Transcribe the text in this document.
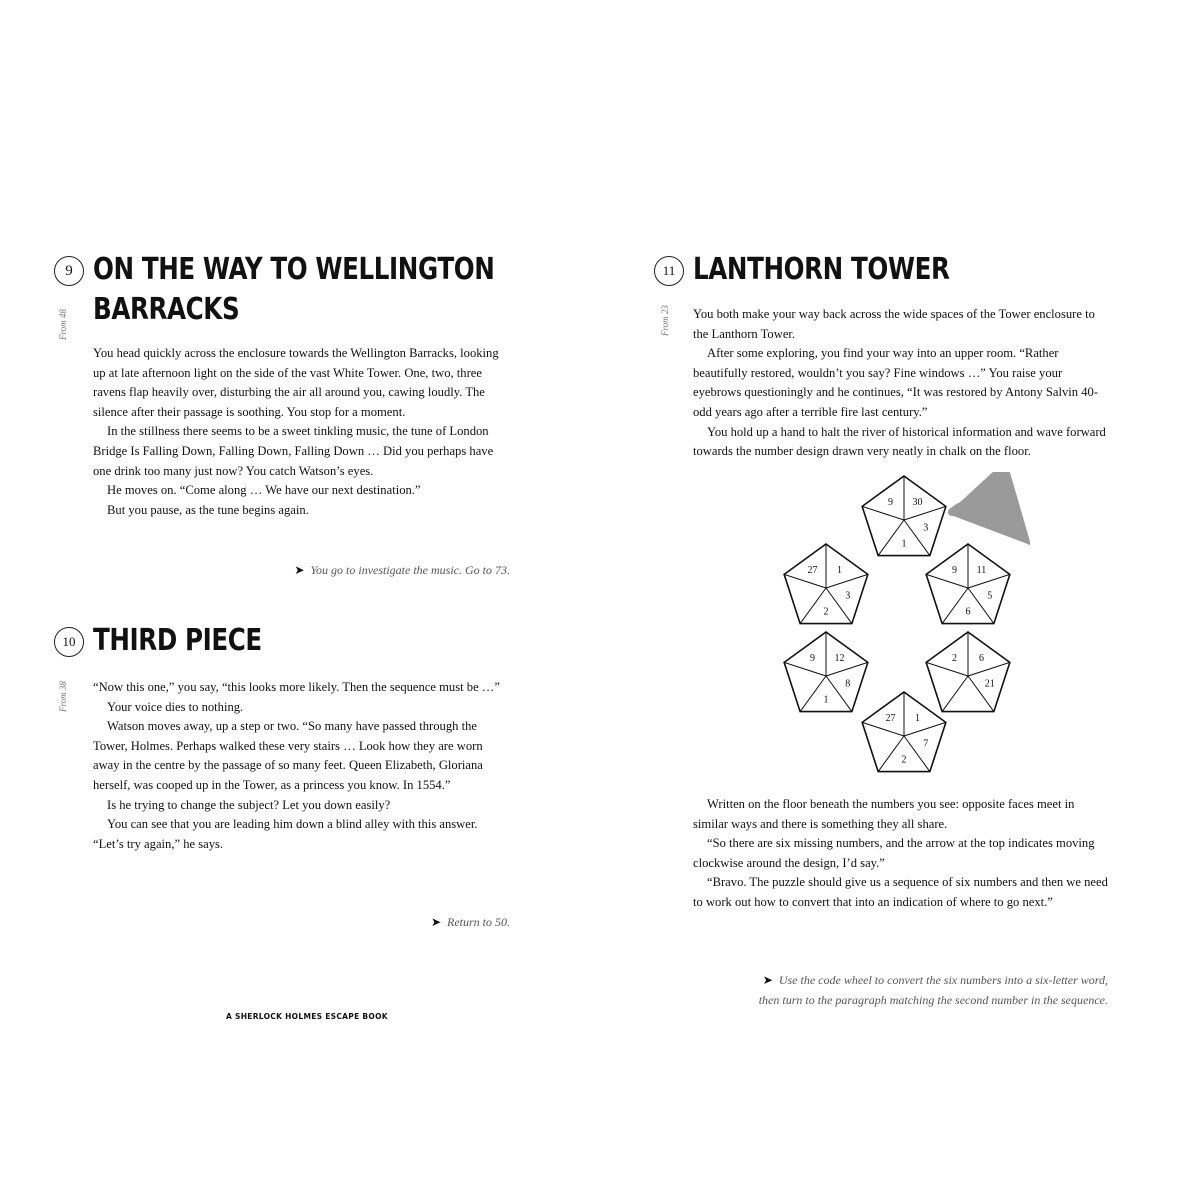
9 ON THE WAY TO WELLINGTON
BARRACKS
From 48

You head quickly across the enclosure towards the Wellington Barracks, looking up at late afternoon light on the side of the vast White Tower. One, two, three ravens flap heavily over, disturbing the air all around you, cawing loudly. The silence after their passage is soothing. You stop for a moment.

In the stillness there seems to be a sweet tinkling music, the tune of London Bridge Is Falling Down, Falling Down, Falling Down … Did you perhaps have one drink too many just now? You catch Watson’s eyes.

He moves on. “Come along … We have our next destination.”

But you pause, as the tune begins again.

➤ You go to investigate the music. Go to 73.
10 THIRD PIECE
From 38 “Now this one,” you say, “this looks more likely. Then the sequence must be …”

Your voice dies to nothing.

Watson moves away, up a step or two. “So many have passed through the Tower, Holmes. Perhaps walked these very stairs … Look how they are worn away in the centre by the passage of so many feet. Queen Elizabeth, Gloriana herself, was cooped up in the Tower, as a princess you know. In 1554.”

Is he trying to change the subject? Let you down easily?

You can see that you are leading him down a blind alley with this answer. “Let’s try again,” he says.

➤ Return to 50.
A SHERLOCK HOLMES ESCAPE BOOK
11 LANTHORN TOWER
From 23 You both make your way back across the wide spaces of the Tower enclosure to the Lanthorn Tower.

After some exploring, you find your way into an upper room. “Rather beautifully restored, wouldn’t you say? Fine windows …” You raise your eyebrows questioningly and he continues, “It was restored by Antony Salvin 40-odd years ago after a terrible fire last century.”

You hold up a hand to halt the river of historical information and wave forward towards the number design drawn very neatly in chalk on the floor.

9 30
3
1
27 1
3
2
9 11
5
6
9 12
8
1
2 6
21
27 1
7
2

Written on the floor beneath the numbers you see: opposite faces meet in similar ways and there is something they all share.

“So there are six missing numbers, and the arrow at the top indicates moving clockwise around the design, I’d say.”

“Bravo. The puzzle should give us a sequence of six numbers and then we need to work out how to convert that into an indication of where to go next.”

➤ Use the code wheel to convert the six numbers into a six-letter word,
then turn to the paragraph matching the second number in the sequence.
